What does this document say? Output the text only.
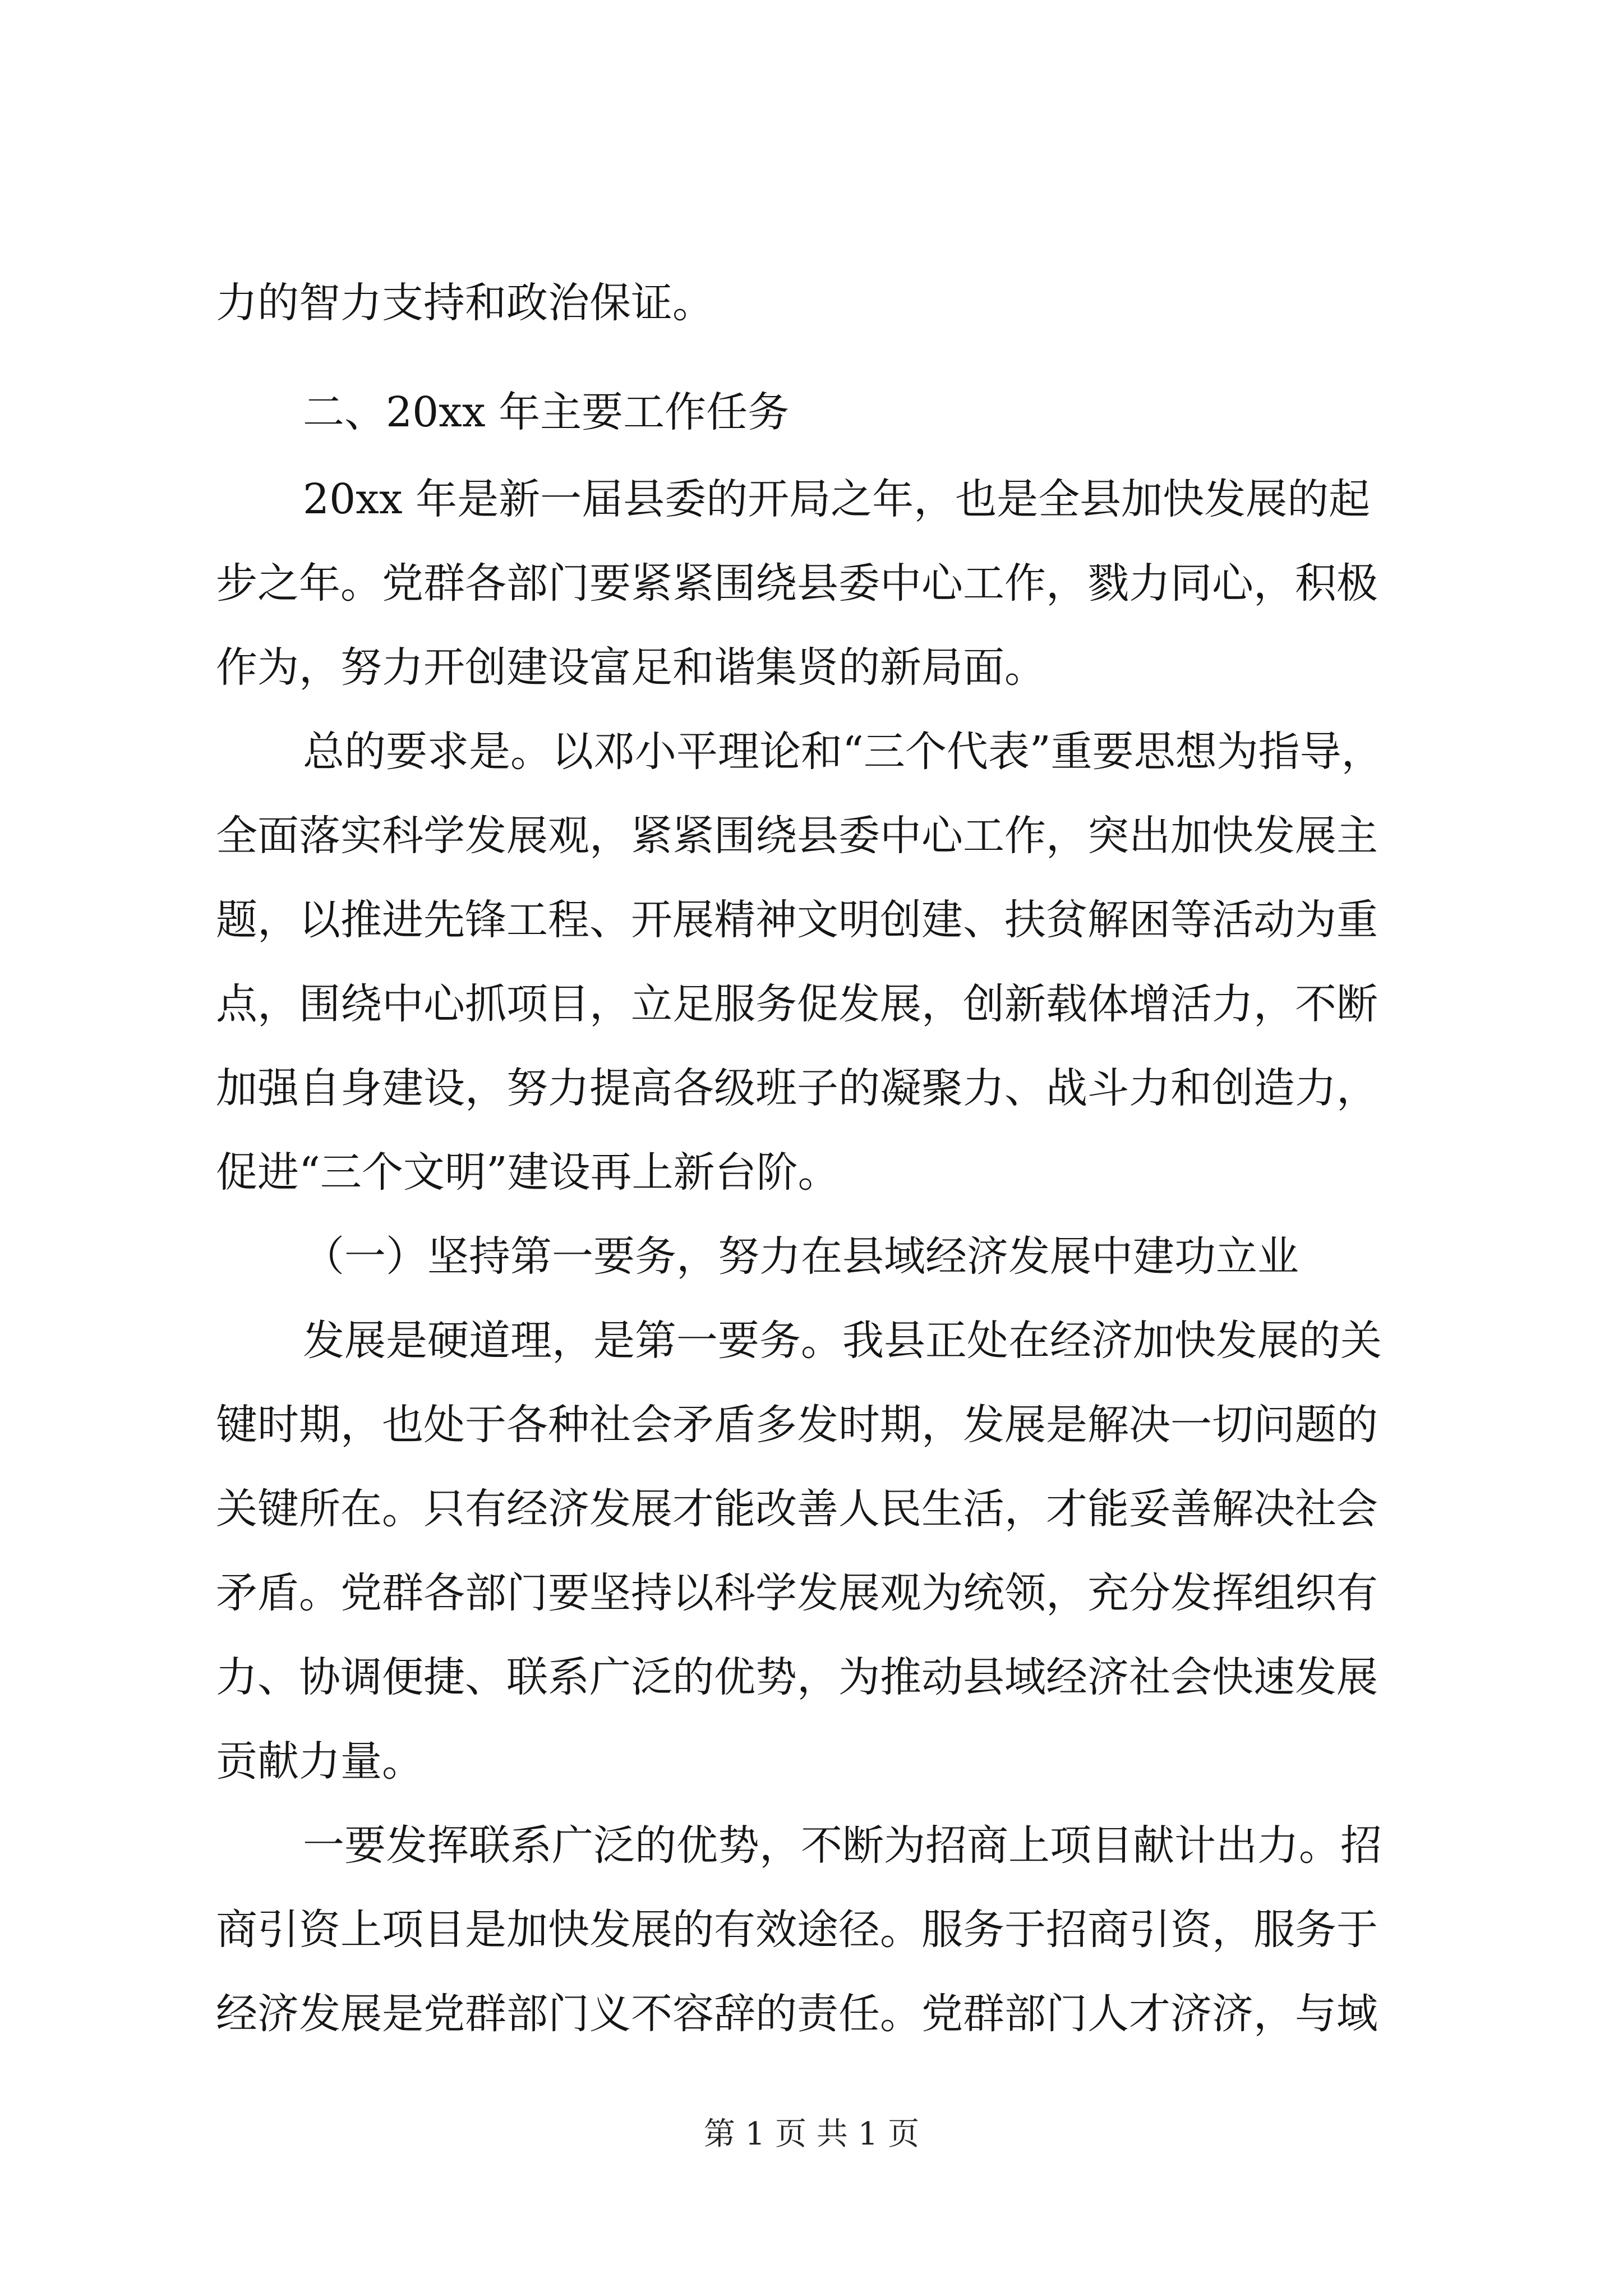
力的智力支持和政治保证。

二、20xx 年主要工作任务

20xx 年是新一届县委的开局之年，也是全县加快发展的起

步之年。党群各部门要紧紧围绕县委中心工作，戮力同心，积极

作为，努力开创建设富足和谐集贤的新局面。

总的要求是。以邓小平理论和“三个代表”重要思想为指导，

全面落实科学发展观，紧紧围绕县委中心工作，突出加快发展主

题，以推进先锋工程、开展精神文明创建、扶贫解困等活动为重

点，围绕中心抓项目，立足服务促发展，创新载体增活力，不断

加强自身建设，努力提高各级班子的凝聚力、战斗力和创造力，

促进“三个文明”建设再上新台阶。

（一）坚持第一要务，努力在县域经济发展中建功立业

发展是硬道理，是第一要务。我县正处在经济加快发展的关

键时期，也处于各种社会矛盾多发时期，发展是解决一切问题的

关键所在。只有经济发展才能改善人民生活，才能妥善解决社会

矛盾。党群各部门要坚持以科学发展观为统领，充分发挥组织有

力、协调便捷、联系广泛的优势，为推动县域经济社会快速发展

贡献力量。

一要发挥联系广泛的优势，不断为招商上项目献计出力。招

商引资上项目是加快发展的有效途径。服务于招商引资，服务于

经济发展是党群部门义不容辞的责任。党群部门人才济济，与域

第 1 页 共 1 页
